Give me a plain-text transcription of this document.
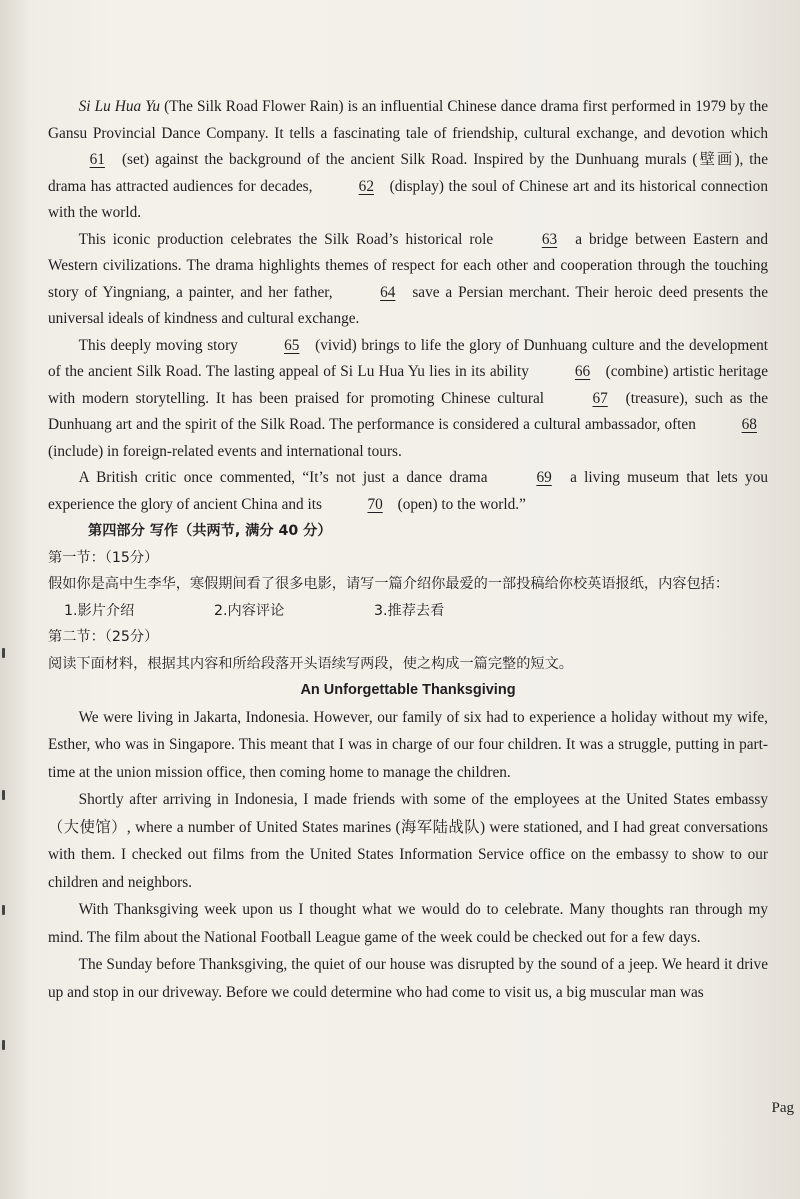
Si Lu Hua Yu (The Silk Road Flower Rain) is an influential Chinese dance drama first performed in 1979 by the Gansu Provincial Dance Company. It tells a fascinating tale of friendship, cultural exchange, and devotion which 61 (set) against the background of the ancient Silk Road. Inspired by the Dunhuang murals (壁画), the drama has attracted audiences for decades,	62 (display) the soul of Chinese art and its historical connection with the world.

This iconic production celebrates the Silk Road’s historical role	63 a bridge between Eastern and Western civilizations. The drama highlights themes of respect for each other and cooperation through the touching story of Yingniang, a painter, and her father,	64 save a Persian merchant. Their heroic deed presents the universal ideals of kindness and cultural exchange.

This deeply moving story	65 (vivid) brings to life the glory of Dunhuang culture and the development of the ancient Silk Road. The lasting appeal of Si Lu Hua Yu lies in its ability	66 (combine) artistic heritage with modern storytelling. It has been praised for promoting Chinese cultural	67 (treasure), such as the Dunhuang art and the spirit of the Silk Road. The performance is considered a cultural ambassador, often	68 (include) in foreign-related events and international tours.

A British critic once commented, “It’s not just a dance drama	69 a living museum that lets you experience the glory of ancient China and its	70 (open) to the world.”

第四部分 写作（共两节, 满分 40 分）

第一节：（15分）

假如你是高中生李华，寒假期间看了很多电影，请写一篇介绍你最爱的一部投稿给你校英语报纸，内容包括：

1.影片介绍	2.内容评论	3.推荐去看

第二节：（25分）

阅读下面材料，根据其内容和所给段落开头语续写两段，使之构成一篇完整的短文。

An Unforgettable Thanksgiving

We were living in Jakarta, Indonesia. However, our family of six had to experience a holiday without my wife, Esther, who was in Singapore. This meant that I was in charge of our four children. It was a struggle, putting in part-time at the union mission office, then coming home to manage the children.

Shortly after arriving in Indonesia, I made friends with some of the employees at the United States embassy（大使馆）, where a number of United States marines (海军陆战队) were stationed, and I had great conversations with them. I checked out films from the United States Information Service office on the embassy to show to our children and neighbors.

With Thanksgiving week upon us I thought what we would do to celebrate. Many thoughts ran through my mind. The film about the National Football League game of the week could be checked out for a few days.

The Sunday before Thanksgiving, the quiet of our house was disrupted by the sound of a jeep. We heard it drive up and stop in our driveway. Before we could determine who had come to visit us, a big muscular man was

Pag
